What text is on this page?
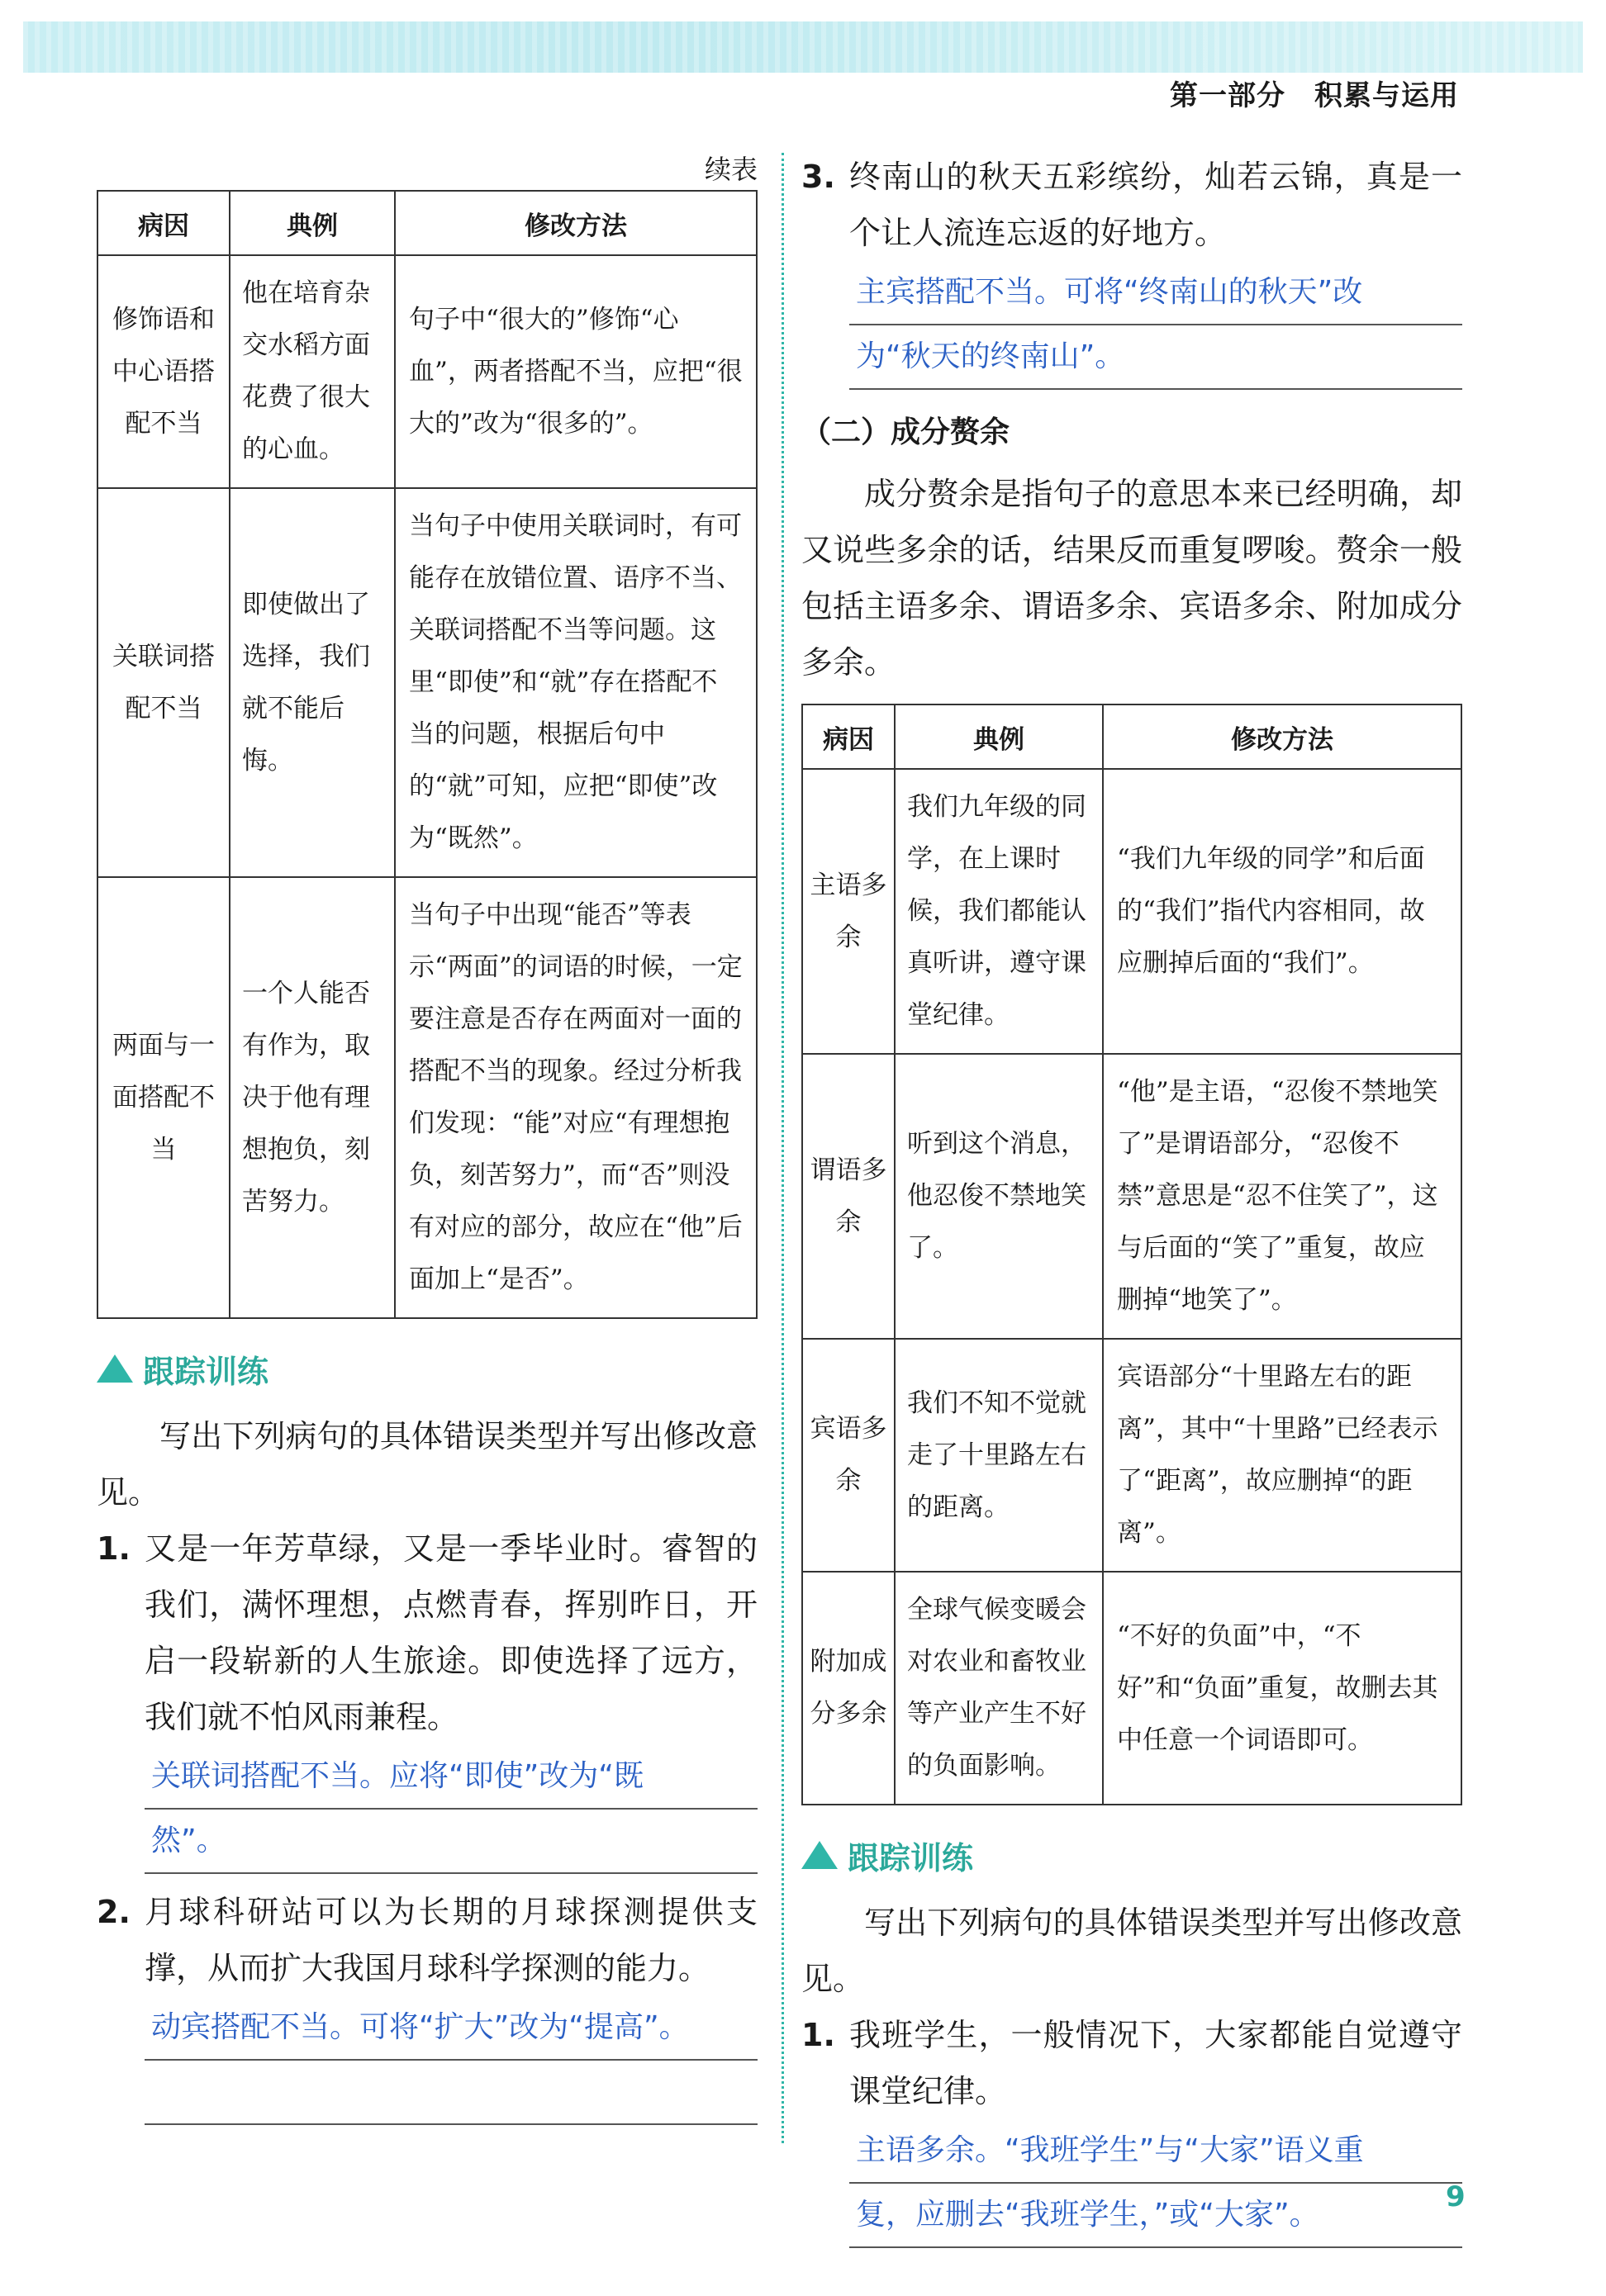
第一部分　积累与运用
续表
病因	典例	修改方法
修饰语和中心语搭配不当	他在培育杂交水稻方面花费了很大的心血。	句子中“很大的”修饰“心血”，两者搭配不当，应把“很大的”改为“很多的”。
关联词搭配不当	即使做出了选择，我们就不能后悔。	当句子中使用关联词时，有可能存在放错位置、语序不当、关联词搭配不当等问题。这里“即使”和“就”存在搭配不当的问题，根据后句中的“就”可知，应把“即使”改为“既然”。
两面与一面搭配不当	一个人能否有作为，取决于他有理想抱负，刻苦努力。	当句子中出现“能否”等表示“两面”的词语的时候，一定要注意是否存在两面对一面的搭配不当的现象。经过分析我们发现：“能”对应“有理想抱负，刻苦努力”，而“否”则没有对应的部分，故应在“他”后面加上“是否”。
跟踪训练

写出下列病句的具体错误类型并写出修改意见。

1. 又是一年芳草绿，又是一季毕业时。睿智的我们，满怀理想，点燃青春，挥别昨日，开启一段崭新的人生旅途。即使选择了远方，我们就不怕风雨兼程。
关联词搭配不当。应将“即使”改为“既
然”。
2. 月球科研站可以为长期的月球探测提供支撑，从而扩大我国月球科学探测的能力。
动宾搭配不当。可将“扩大”改为“提高”。
3. 终南山的秋天五彩缤纷，灿若云锦，真是一个让人流连忘返的好地方。
主宾搭配不当。可将“终南山的秋天”改
为“秋天的终南山”。
（二）成分赘余

成分赘余是指句子的意思本来已经明确，却又说些多余的话，结果反而重复啰唆。赘余一般包括主语多余、谓语多余、宾语多余、附加成分多余。

病因	典例	修改方法
主语多余	我们九年级的同学，在上课时候，我们都能认真听讲，遵守课堂纪律。	“我们九年级的同学”和后面的“我们”指代内容相同，故应删掉后面的“我们”。
谓语多余	听到这个消息，他忍俊不禁地笑了。	“他”是主语，“忍俊不禁地笑了”是谓语部分，“忍俊不禁”意思是“忍不住笑了”，这与后面的“笑了”重复，故应删掉“地笑了”。
宾语多余	我们不知不觉就走了十里路左右的距离。	宾语部分“十里路左右的距离”，其中“十里路”已经表示了“距离”，故应删掉“的距离”。
附加成分多余	全球气候变暖会对农业和畜牧业等产业产生不好的负面影响。	“不好的负面”中，“不好”和“负面”重复，故删去其中任意一个词语即可。
跟踪训练

写出下列病句的具体错误类型并写出修改意见。

1. 我班学生，一般情况下，大家都能自觉遵守课堂纪律。
主语多余。“我班学生”与“大家”语义重
复，应删去“我班学生，”或“大家”。
9
